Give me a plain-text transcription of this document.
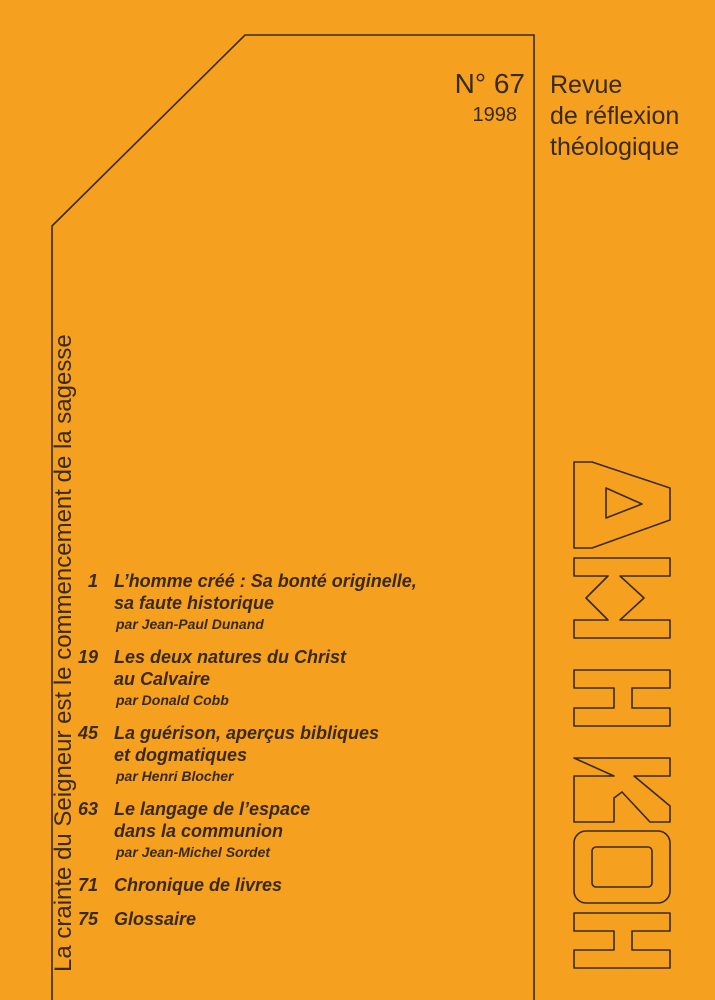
N° 67
1998
Revue
de réflexion
théologique
La crainte du Seigneur est le commencement de la sagesse 1 L’homme créé : Sa bonté originelle,
sa faute historique
par Jean-Paul Dunand
19 Les deux natures du Christ
au Calvaire
par Donald Cobb
45 La guérison, aperçus bibliques
et dogmatiques
par Henri Blocher
63 Le langage de l’espace
dans la communion
par Jean-Michel Sordet
71 Chronique de livres
75 Glossaire
